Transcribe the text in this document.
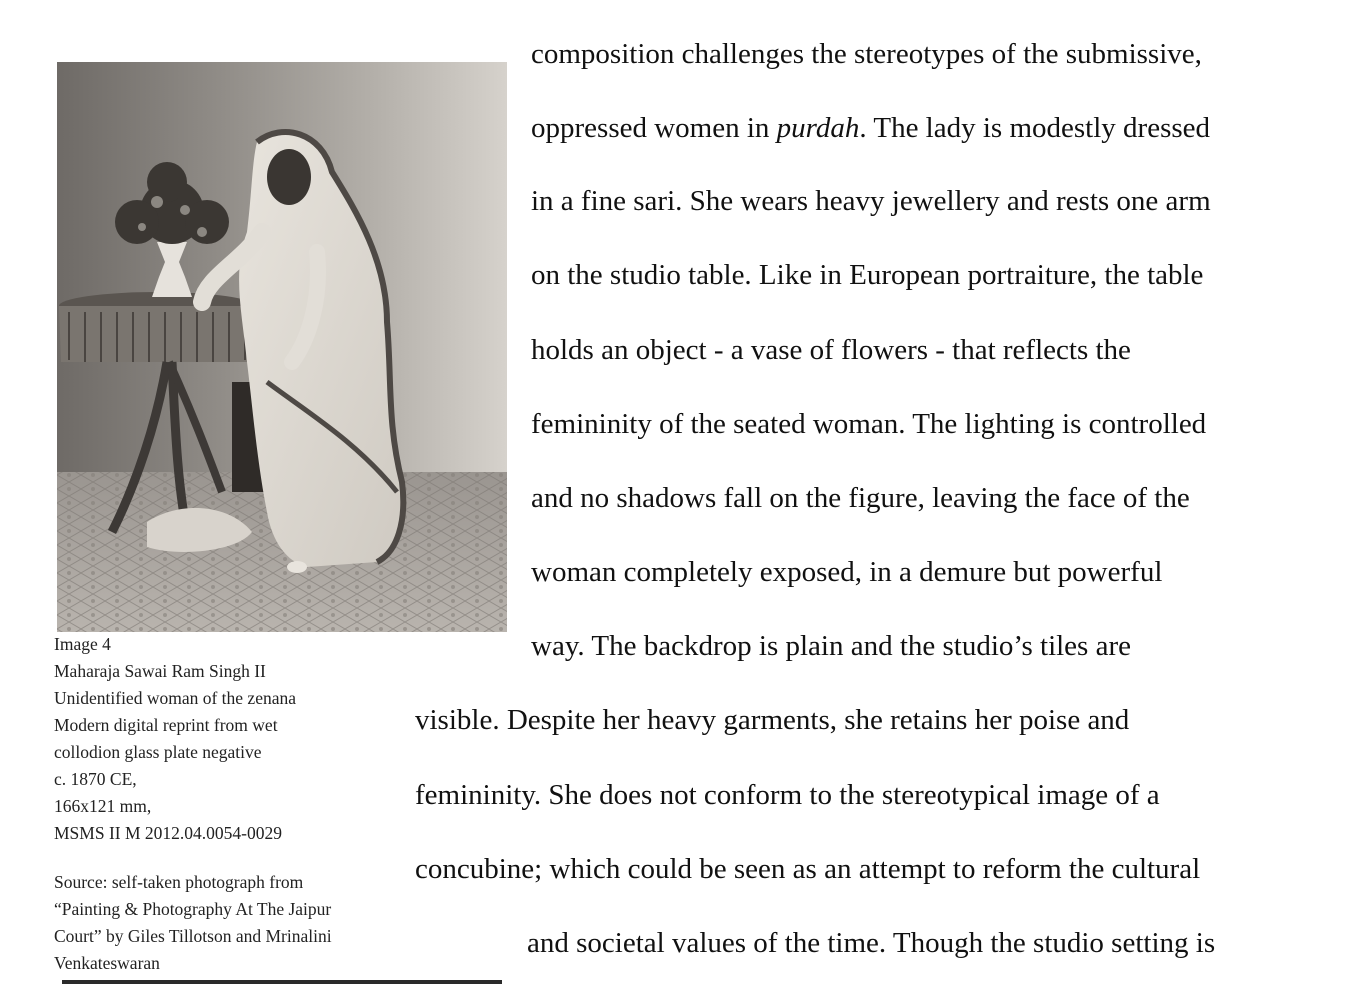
Image 4
Maharaja Sawai Ram Singh II
Unidentified woman of the zenana
Modern digital reprint from wet
collodion glass plate negative
c. 1870 CE,
166x121 mm,
MSMS II M 2012.04.0054-0029
Source: self-taken photograph from
“Painting & Photography At The Jaipur
Court” by Giles Tillotson and Mrinalini
Venkateswaran
composition challenges the stereotypes of the submissive,
oppressed women in purdah. The lady is modestly dressed
in a fine sari. She wears heavy jewellery and rests one arm
on the studio table. Like in European portraiture, the table
holds an object - a vase of flowers - that reflects the
femininity of the seated woman. The lighting is controlled
and no shadows fall on the figure, leaving the face of the
woman completely exposed, in a demure but powerful
way. The backdrop is plain and the studio’s tiles are
visible. Despite her heavy garments, she retains her poise and
femininity. She does not conform to the stereotypical image of a
concubine; which could be seen as an attempt to reform the cultural
and societal values of the time. Though the studio setting is
